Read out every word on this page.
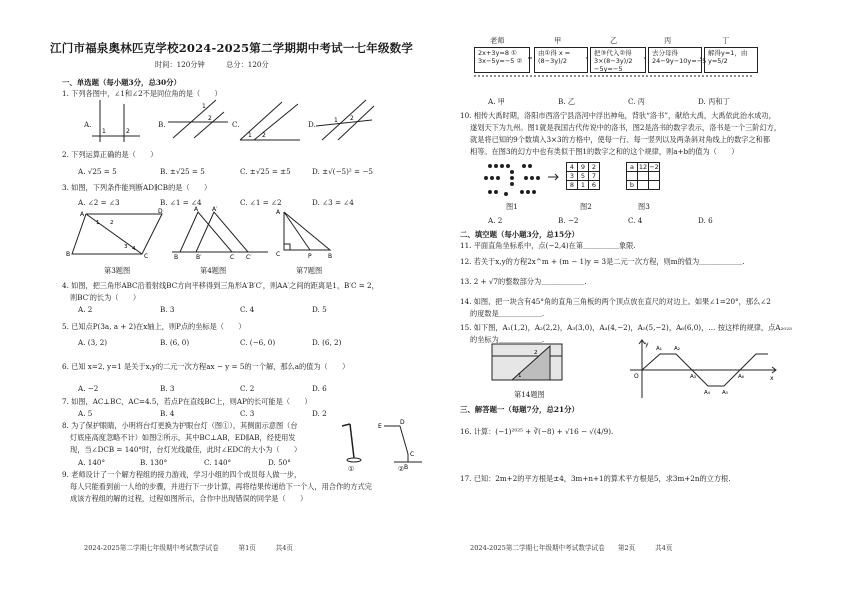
江门市福泉奥林匹克学校2024-2025第二学期期中考试一七年级数学
时间：120分钟　　　总分：120分
一、单选题（每小题3分，总30分）
1. 下列各图中，∠1和∠2不是同位角的是（　　）
A.
1	2
B.
1
2
C.
1 2
D.	1 2
2. 下列运算正确的是（　　）
A. √25 = 5	B. ±√25 = 5	C. ±√25 = ±5	D. ±√(−5)² = −5
3. 如图，下列条件能判断AD∥CB的是（　　）
A. ∠2 = ∠3	B. ∠1 = ∠4	C. ∠1 = ∠2	D. ∠3 = ∠4
A	D
B	C
1 2
3 4
A A′
B	B′	C C′
A
C	P	B
第3题图	第4题图	第7题图
4. 如图，把三角形ABC沿着射线BC方向平移得到三角形A′B′C′，则AA′之间的距离是1，B′C = 2，
则BC′的长为（　　）
A. 2	B. 3	C. 4	D. 5
5. 已知点P(3a, a + 2)在x轴上，则P点的坐标是（　　）
A. (3, 2)	B. (6, 0)	C. (−6, 0)	D. (6, 2)
6. 已知 x=2, y=1 是关于x,y的二元一次方程ax − y = 5的一个解，那么a的值为（　　）
A. −2	B. 3	C. 2	D. 6
7. 如图，AC⊥BC，AC=4.5，若点P在直线BC上，则AP的长可能是（　　）
A. 5	B. 4	C. 3	D. 2
8. 为了保护眼睛，小明将台灯更换为护眼台灯（图①），其侧面示意图（台
灯底座高度忽略不计）如图②所示，其中BC⊥AB，ED∥AB，经使用发
现，当∠DCB = 140°时，台灯光线最佳，此时∠EDC的大小为（　　）
A. 140°	B. 130°	C. 140°	D. 50°
E
D
C
B
①	②
9. 老师设计了一个解方程组的接力游戏，学习小组的四个成员每人做一步，
每人只能看到前一人给的步骤，并进行下一步计算，再将结果传递给下一个人，用合作的方式完
成该方程组的解的过程，过程如图所示，合作中出现错误的同学是（　　）
2024-2025第二学期七年级期中考试数学试卷　　　第1页　　　共4页
老师	甲	乙	丙	丁
2x+3y=8 ①
3x−5y=−5 ②
由①得 x = (8−3y)/2
把③代入②得 3×(8−3y)/2 −5y=−5
去分母得 24−9y−10y=−5
解得y=1，由 y=5/2
A. 甲	B. 乙	C. 丙	D. 丙和丁
10. 相传大禹时期，洛阳市西洛宁县洛河中浮出神龟，背驮“洛书”，献给大禹，大禹依此治水成功，
遂划天下为九州。图1就是我国古代传说中的洛书，图2是洛书的数字表示，洛书是一个三阶幻方，
就是将已知的9个数填入3×3的方格中，使每一行、每一竖列以及两条斜对角线上的数字之和都
相等。在图3的幻方中也有类似于图1的数字之和的这个规律，则a+b的值为（　　）
4	9	2
3	5	7
8	1	6
a	12	−2

b		
图1	图2	图3
A. 2	B. −2	C. 4	D. 6
二、填空题（每小题3分，总15分）
11. 平面直角坐标系中，点(−2,4)在第＿＿＿＿＿象限.
12. 若关于x,y的方程2x^m + (m − 1)y = 3是二元一次方程，则m的值为＿＿＿＿＿＿.
13. 2 + √7的整数部分为＿＿＿＿＿＿.
14. 如图，把一块含有45°角的直角三角板的两个顶点放在直尺的对边上。如果∠1=20°，那么∠2
的度数是＿＿＿＿＿＿.
15. 如下图，A₁(1,2)，A₂(2,2)，A₃(3,0)，A₄(4,−2)，A₅(5,−2)，A₆(6,0)，… 按这样的规律，点A₂₀₂₅
的坐标为＿＿＿＿＿＿.
2
1
第14题图
O	x
y
A₁ A₂
A₃
A₄ A₅
A₆
三、解答题一（每题7分，总21分）
16. 计算：(−1)²⁰²⁵ + ∛(−8) + √16 − √(4/9).
17. 已知：2m+2的平方根是±4，3m+n+1的算术平方根是5，求3m+2n的立方根.
2024-2025第二学期七年级期中考试数学试卷　　第2页　　　共4页
